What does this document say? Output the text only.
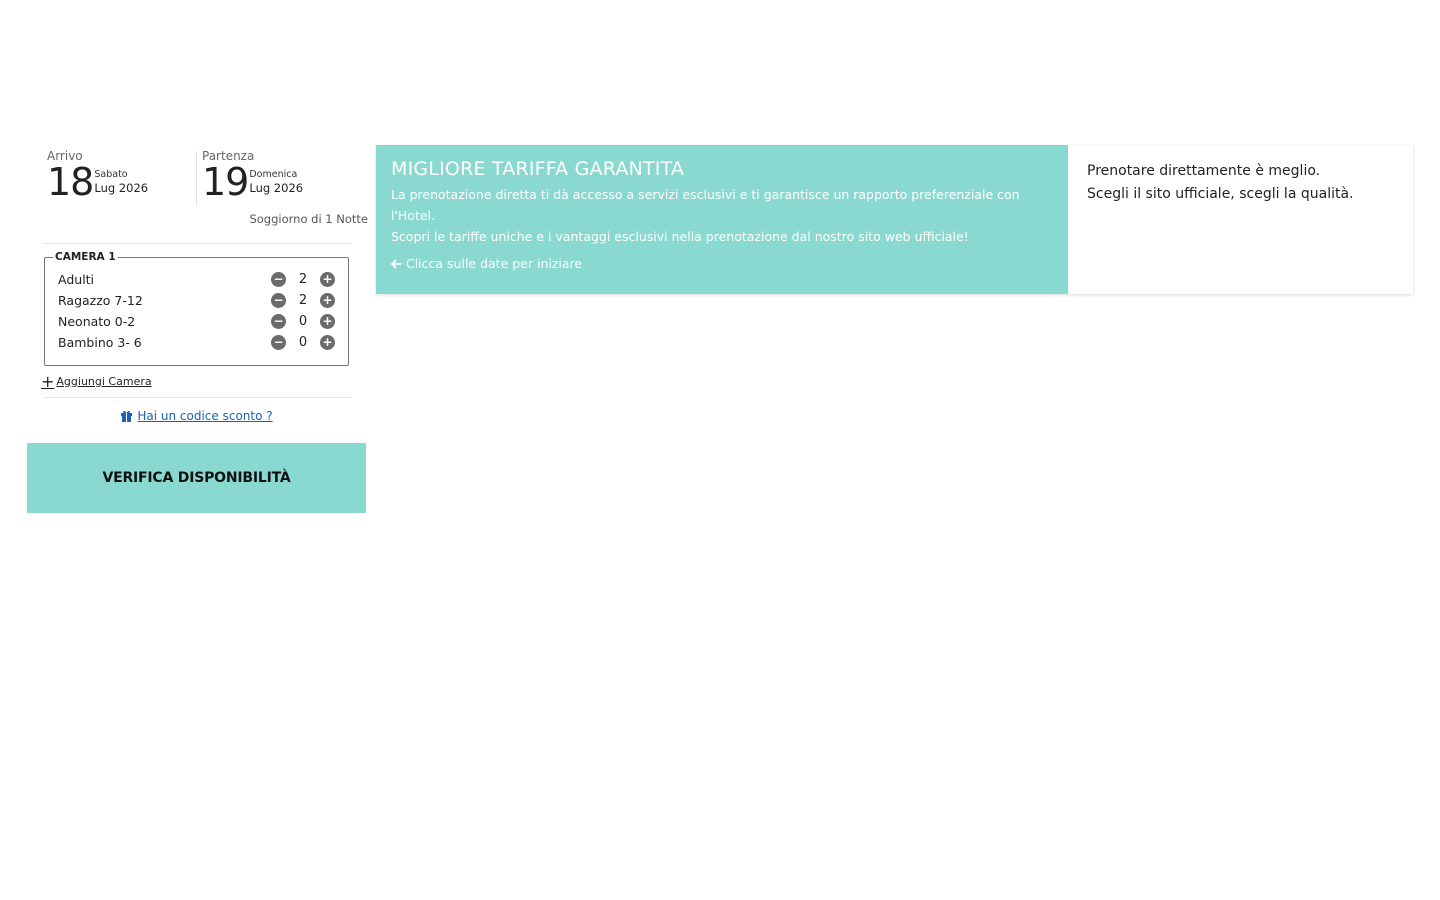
Arrivo
18 Sabato
Lug 2026
Partenza
19 Domenica
Lug 2026
Soggiorno di 1 Notte
CAMERA 1
Adulti	−	2	+
Ragazzo 7-12	−	2	+
Neonato 0-2	−	0	+
Bambino 3- 6	−	0	+
+ Aggiungi Camera
Hai un codice sconto ?
VERIFICA DISPONIBILITÀ
MIGLIORE TARIFFA GARANTITA
La prenotazione diretta ti dà accesso a servizi esclusivi e ti garantisce un rapporto preferenziale con l'Hotel.
Scopri le tariffe uniche e i vantaggi esclusivi nella prenotazione dal nostro sito web ufficiale!
Clicca sulle date per iniziare
Prenotare direttamente è meglio.
Scegli il sito ufficiale, scegli la qualità.
